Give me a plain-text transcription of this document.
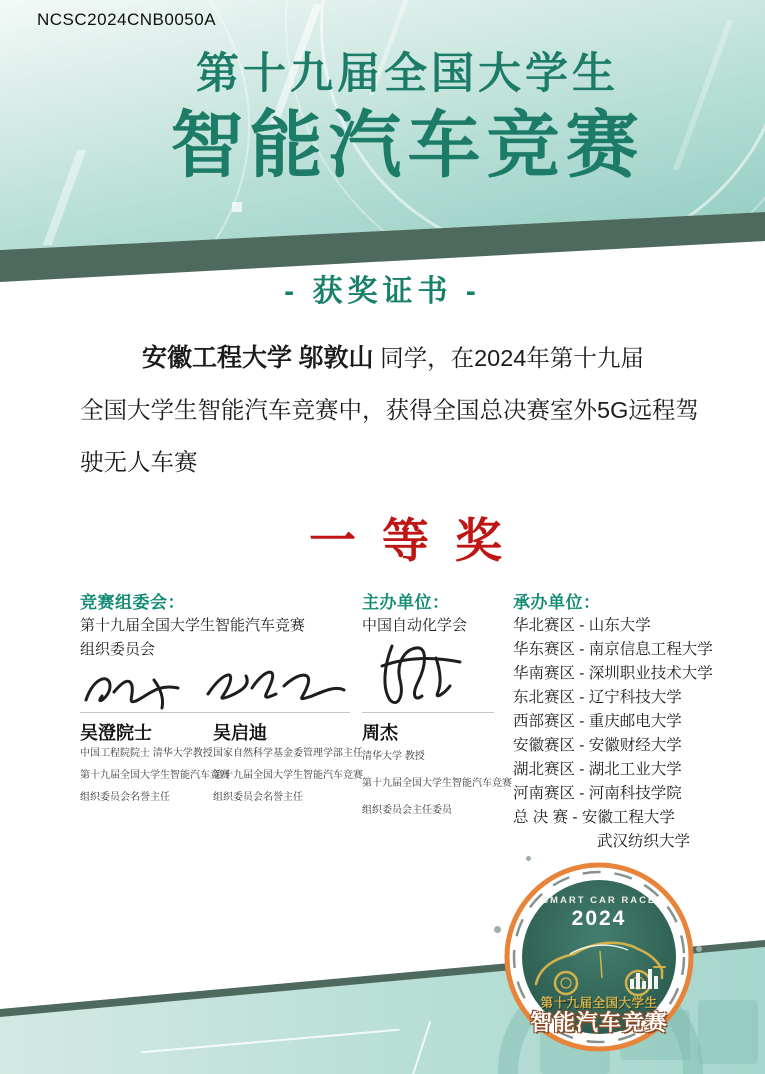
NCSC2024CNB0050A
第十九届全国大学生
智能汽车竞赛
- 获奖证书 -
安徽工程大学 邬敦山 同学，在2024年第十九届
全国大学生智能汽车竞赛中，获得全国总决赛室外5G远程驾驶无人车赛
一等奖
竞赛组委会：
第十九届全国大学生智能汽车竞赛
组织委员会
吴澄院士
中国工程院院士 清华大学教授
第十九届全国大学生智能汽车竞赛
组织委员会名誉主任
吴启迪
国家自然科学基金委管理学部主任
第十九届全国大学生智能汽车竞赛
组织委员会名誉主任
主办单位：
中国自动化学会
周杰
清华大学 教授
第十九届全国大学生智能汽车竞赛
组织委员会主任委员
承办单位：
华北赛区 - 山东大学
华东赛区 - 南京信息工程大学
华南赛区 - 深圳职业技术大学
东北赛区 - 辽宁科技大学
西部赛区 - 重庆邮电大学
安徽赛区 - 安徽财经大学
湖北赛区 - 湖北工业大学
河南赛区 - 河南科技学院
总 决 赛 - 安徽工程大学
武汉纺织大学
SMART CAR RACE
2024
第十九届全国大学生
智能汽车竞赛
